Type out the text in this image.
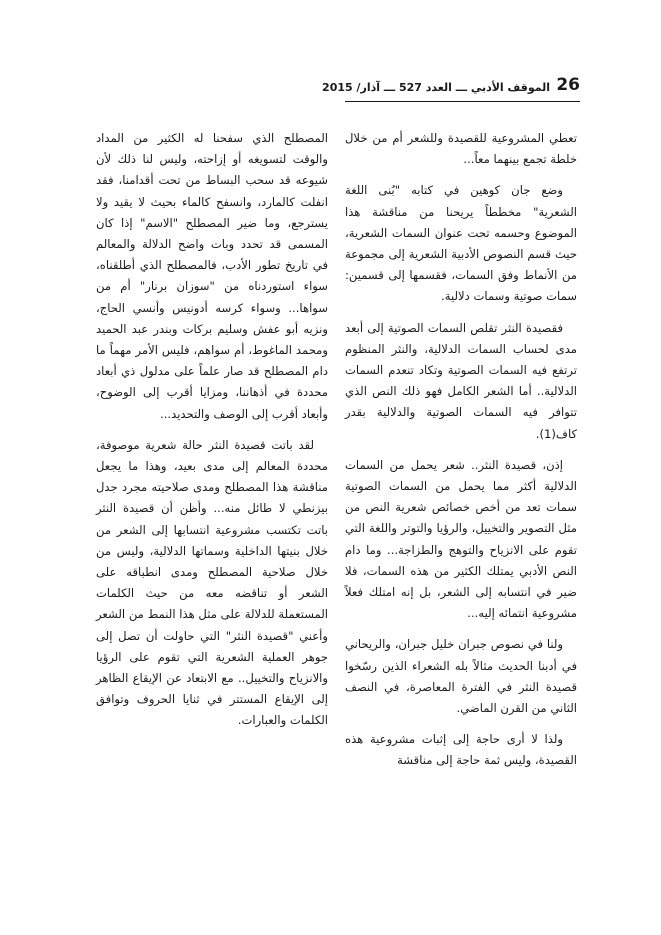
26
الموقف الأدبي ـــ العدد 527 ـــ آذار/ 2015

تعطي المشروعية للقصيدة وللشعر أم من خلال خلطة تجمع بينهما معاً...

وضع جان كوهين في كتابه "بُنى اللغة الشعرية" مخططاً يريحنا من مناقشة هذا الموضوع وحسمه تحت عنوان السمات الشعرية، حيث قسم النصوص الأدبية الشعرية إلى مجموعة من الأنماط وفق السمات، فقسمها إلى قسمين: سمات صوتية وسمات دلالية.

فقصيدة النثر تقلص السمات الصوتية إلى أبعد مدى لحساب السمات الدلالية، والنثر المنظوم ترتفع فيه السمات الصوتية وتكاد تنعدم السمات الدلالية.. أما الشعر الكامل فهو ذلك النص الذي تتوافر فيه السمات الصوتية والدلالية بقدر كاف(1).

إذن، قصيدة النثر.. شعر يحمل من السمات الدلالية أكثر مما يحمل من السمات الصوتية سمات تعد من أخص خصائص شعرية النص من مثل التصوير والتخييل، والرؤيا والتوتر واللغة التي تقوم على الانزياح والتوهج والطزاجة... وما دام النص الأدبي يمتلك الكثير من هذه السمات، فلا ضير في انتسابه إلى الشعر، بل إنه امتلك فعلاً مشروعية انتمائه إليه...

ولنا في نصوص جبران خليل جبران، والريحاني في أدبنا الحديث مثالاً بله الشعراء الذين رسّخوا قصيدة النثر في الفترة المعاصرة، في النصف الثاني من القرن الماضي.

ولذا لا أرى حاجة إلى إثبات مشروعية هذه القصيدة، وليس ثمة حاجة إلى مناقشة

المصطلح الذي سفحنا له الكثير من المداد والوقت لتسويغه أو إزاحته، وليس لنا ذلك لأن شيوعه قد سحب البساط من تحت أقدامنا، فقد انفلت كالمارد، وانسفح كالماء بحيث لا يقيد ولا يسترجع، وما ضير المصطلح "الاسم" إذا كان المسمى قد تحدد وبات واضح الدلالة والمعالم في تاريخ تطور الأدب، فالمصطلح الذي أطلقناه، سواء استوردناه من "سوزان برنار" أم من سواها... وسواء كرسه أدونيس وأنسي الحاج، ونزيه أبو عفش وسليم بركات وبندر عبد الحميد ومحمد الماغوط، أم سواهم، فليس الأمر مهماً ما دام المصطلح قد صار علماً على مدلول ذي أبعاد محددة في أذهاننا، ومزايا أقرب إلى الوضوح، وأبعاد أقرب إلى الوصف والتحديد...

لقد باتت قصيدة النثر حالة شعرية موصوفة، محددة المعالم إلى مدى بعيد، وهذا ما يجعل مناقشة هذا المصطلح ومدى صلاحيته مجرد جدل بيزنطي لا طائل منه... وأظن أن قصيدة النثر باتت تكتسب مشروعية انتسابها إلى الشعر من خلال بنيتها الداخلية وسماتها الدلالية، وليس من خلال صلاحية المصطلح ومدى انطباقه على الشعر أو تناقضه معه من حيث الكلمات المستعملة للدلالة على مثل هذا النمط من الشعر وأعني "قصيدة النثر" التي حاولت أن تصل إلى جوهر العملية الشعرية التي تقوم على الرؤيا والانزياح والتخييل.. مع الابتعاد عن الإيقاع الظاهر إلى الإيقاع المستتر في ثنايا الحروف وتوافق الكلمات والعبارات.
